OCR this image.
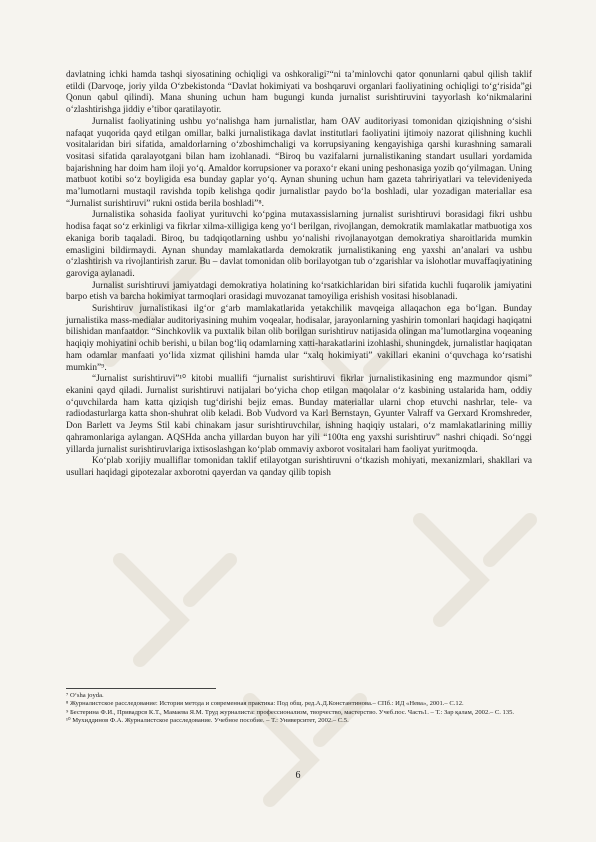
davlatning ichki hamda tashqi siyosatining ochiqligi va oshkoraligi⁷“ni ta’minlovchi qator qonunlarni qabul qilish taklif etildi (Darvoqe, joriy yilda O‘zbekistonda “Davlat hokimiyati va boshqaruvi organlari faoliyatining ochiqligi to‘g‘risida”gi Qonun qabul qilindi). Mana shuning uchun ham bugungi kunda jurnalist surishtiruvini tayyorlash ko‘nikmalarini o‘zlashtirishga jiddiy e’tibor qaratilayotir.

Jurnalist faoliyatining ushbu yo‘nalishga ham jurnalistlar, ham OAV auditoriyasi tomonidan qiziqishning o‘sishi nafaqat yuqorida qayd etilgan omillar, balki jurnalistikaga davlat institutlari faoliyatini ijtimoiy nazorat qilishning kuchli vositalaridan biri sifatida, amaldorlarning o‘zboshimchaligi va korrupsiyaning kengayishiga qarshi kurashning samarali vositasi sifatida qaralayotgani bilan ham izohlanadi. “Biroq bu vazifalarni jurnalistikaning standart usullari yordamida bajarishning har doim ham iloji yo‘q. Amaldor korrupsioner va poraxo‘r ekani uning peshonasiga yozib qo‘yilmagan. Uning matbuot kotibi so‘z boyligida esa bunday gaplar yo‘q. Aynan shuning uchun ham gazeta tahririyatlari va televideniyeda ma’lumotlarni mustaqil ravishda topib kelishga qodir jurnalistlar paydo bo‘la boshladi, ular yozadigan materiallar esa “Jurnalist surishtiruvi” rukni ostida berila boshladi”⁸.

Jurnalistika sohasida faoliyat yurituvchi ko‘pgina mutaxassislarning jurnalist surishtiruvi borasidagi fikri ushbu hodisa faqat so‘z erkinligi va fikrlar xilma-xilligiga keng yo‘l berilgan, rivojlangan, demokratik mamlakatlar matbuotiga xos ekaniga borib taqaladi. Biroq, bu tadqiqotlarning ushbu yo‘nalishi rivojlanayotgan demokratiya sharoitlarida mumkin emasligini bildirmaydi. Aynan shunday mamlakatlarda demokratik jurnalistikaning eng yaxshi an’analari va ushbu o‘zlashtirish va rivojlantirish zarur. Bu – davlat tomonidan olib borilayotgan tub o‘zgarishlar va islohotlar muvaffaqiyatining garoviga aylanadi.

Jurnalist surishtiruvi jamiyatdagi demokratiya holatining ko‘rsatkichlaridan biri sifatida kuchli fuqarolik jamiyatini barpo etish va barcha hokimiyat tarmoqlari orasidagi muvozanat tamoyiliga erishish vositasi hisoblanadi.

Surishtiruv jurnalistikasi ilg‘or g‘arb mamlakatlarida yetakchilik mavqeiga allaqachon ega bo‘lgan. Bunday jurnalistika mass-medialar auditoriyasining muhim voqealar, hodisalar, jarayonlarning yashirin tomonlari haqidagi haqiqatni bilishidan manfaatdor. “Sinchkovlik va puxtalik bilan olib borilgan surishtiruv natijasida olingan ma’lumotlargina voqeaning haqiqiy mohiyatini ochib berishi, u bilan bog‘liq odamlarning xatti-harakatlarini izohlashi, shuningdek, jurnalistlar haqiqatan ham odamlar manfaati yo‘lida xizmat qilishini hamda ular “xalq hokimiyati” vakillari ekanini o‘quvchaga ko‘rsatishi mumkin”⁹.

“Jurnalist surishtiruvi”¹⁰ kitobi muallifi “jurnalist surishtiruvi fikrlar jurnalistikasining eng mazmundor qismi” ekanini qayd qiladi. Jurnalist surishtiruvi natijalari bo‘yicha chop etilgan maqolalar o‘z kasbining ustalarida ham, oddiy o‘quvchilarda ham katta qiziqish tug‘dirishi bejiz emas. Bunday materiallar ularni chop etuvchi nashrlar, tele- va radiodasturlarga katta shon-shuhrat olib keladi. Bob Vudvord va Karl Bernstayn, Gyunter Valraff va Gerxard Kromshreder, Don Barlett va Jeyms Stil kabi chinakam jasur surishtiruvchilar, ishning haqiqiy ustalari, o‘z mamlakatlarining milliy qahramonlariga aylangan. AQSHda ancha yillardan buyon har yili “100ta eng yaxshi surishtiruv” nashri chiqadi. So‘nggi yillarda jurnalist surishtiruvlariga ixtisoslashgan ko‘plab ommaviy axborot vositalari ham faoliyat yuritmoqda.

Ko‘plab xorijiy mualliflar tomonidan taklif etilayotgan surishtiruvni o‘tkazish mohiyati, mexanizmlari, shakllari va usullari haqidagi gipotezalar axborotni qayerdan va qanday qilib topish

⁷ O‘sha joyda.

⁸ Журналистское расследование: История метода и современная практика: Под общ. ред.А.Д.Константинова.– СПб.: ИД «Нева», 2001.– С.12.

⁹ Бестерина Ф.И., Привадрсв К.Т., Мамаева Я.М. Труд журналиста: профессионализм, творчество, мастерство. Учеб.пос. Часть1. – Т.: Зар қалам, 2002.– С. 135.

¹⁰ Мухиддинов Ф.А. Журналистское расследование. Учебное пособие. – Т.: Университет, 2002.– С.5.

6
